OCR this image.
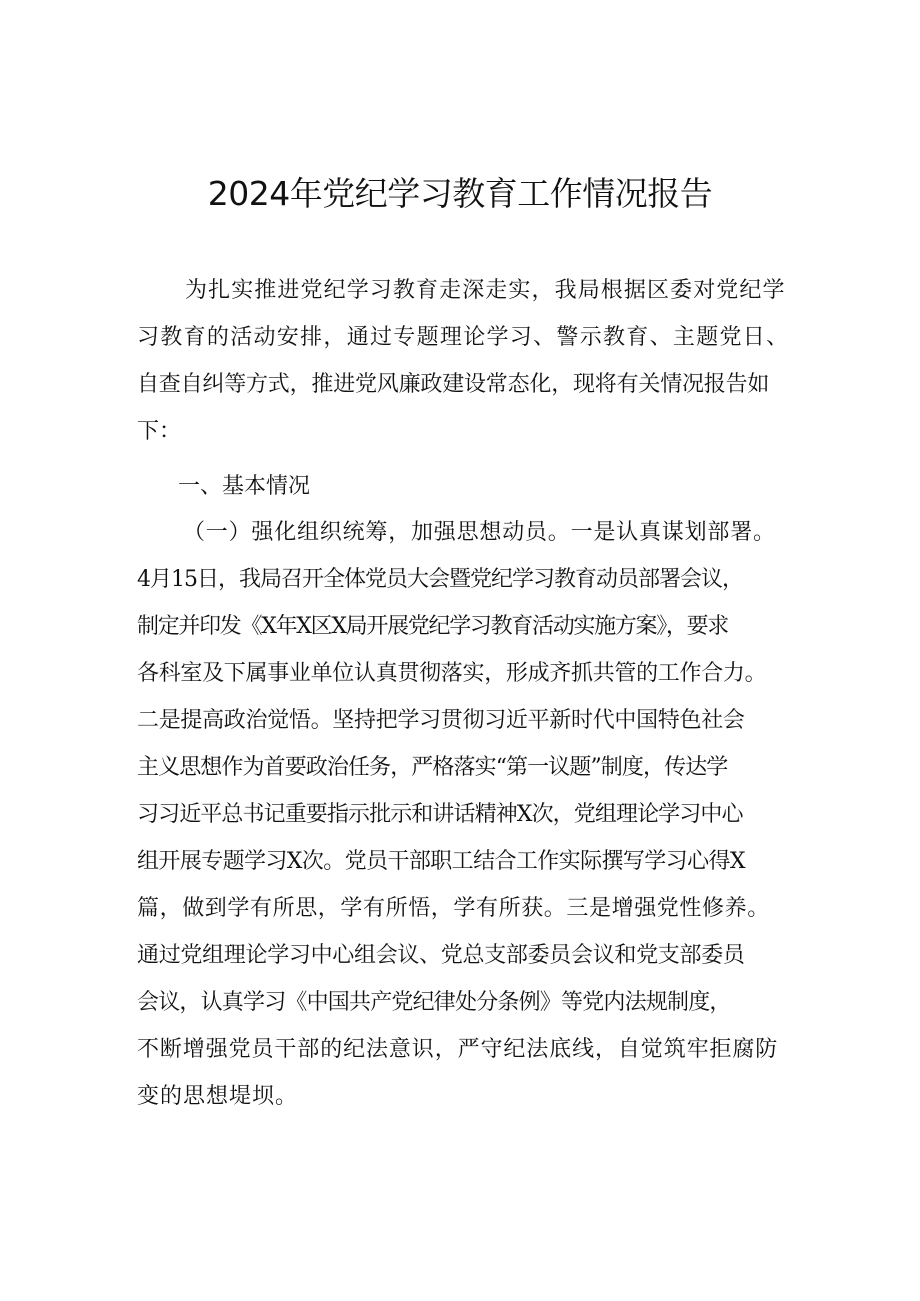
2024年党纪学习教育工作情况报告

为扎实推进党纪学习教育走深走实，我局根据区委对党纪学

习教育的活动安排，通过专题理论学习、警示教育、主题党日、

自查自纠等方式，推进党风廉政建设常态化，现将有关情况报告如

下：

一、基本情况

（一）强化组织统筹，加强思想动员。一是认真谋划部署。

4月15日，我局召开全体党员大会暨党纪学习教育动员部署会议，

制定并印发《X年X区X局开展党纪学习教育活动实施方案》，要求

各科室及下属事业单位认真贯彻落实，形成齐抓共管的工作合力。

二是提高政治觉悟。坚持把学习贯彻习近平新时代中国特色社会

主义思想作为首要政治任务，严格落实“第一议题”制度，传达学

习习近平总书记重要指示批示和讲话精神X次，党组理论学习中心

组开展专题学习X次。党员干部职工结合工作实际撰写学习心得X

篇，做到学有所思，学有所悟，学有所获。三是增强党性修养。

通过党组理论学习中心组会议、党总支部委员会议和党支部委员

会议，认真学习《中国共产党纪律处分条例》等党内法规制度，

不断增强党员干部的纪法意识，严守纪法底线，自觉筑牢拒腐防

变的思想堤坝。
